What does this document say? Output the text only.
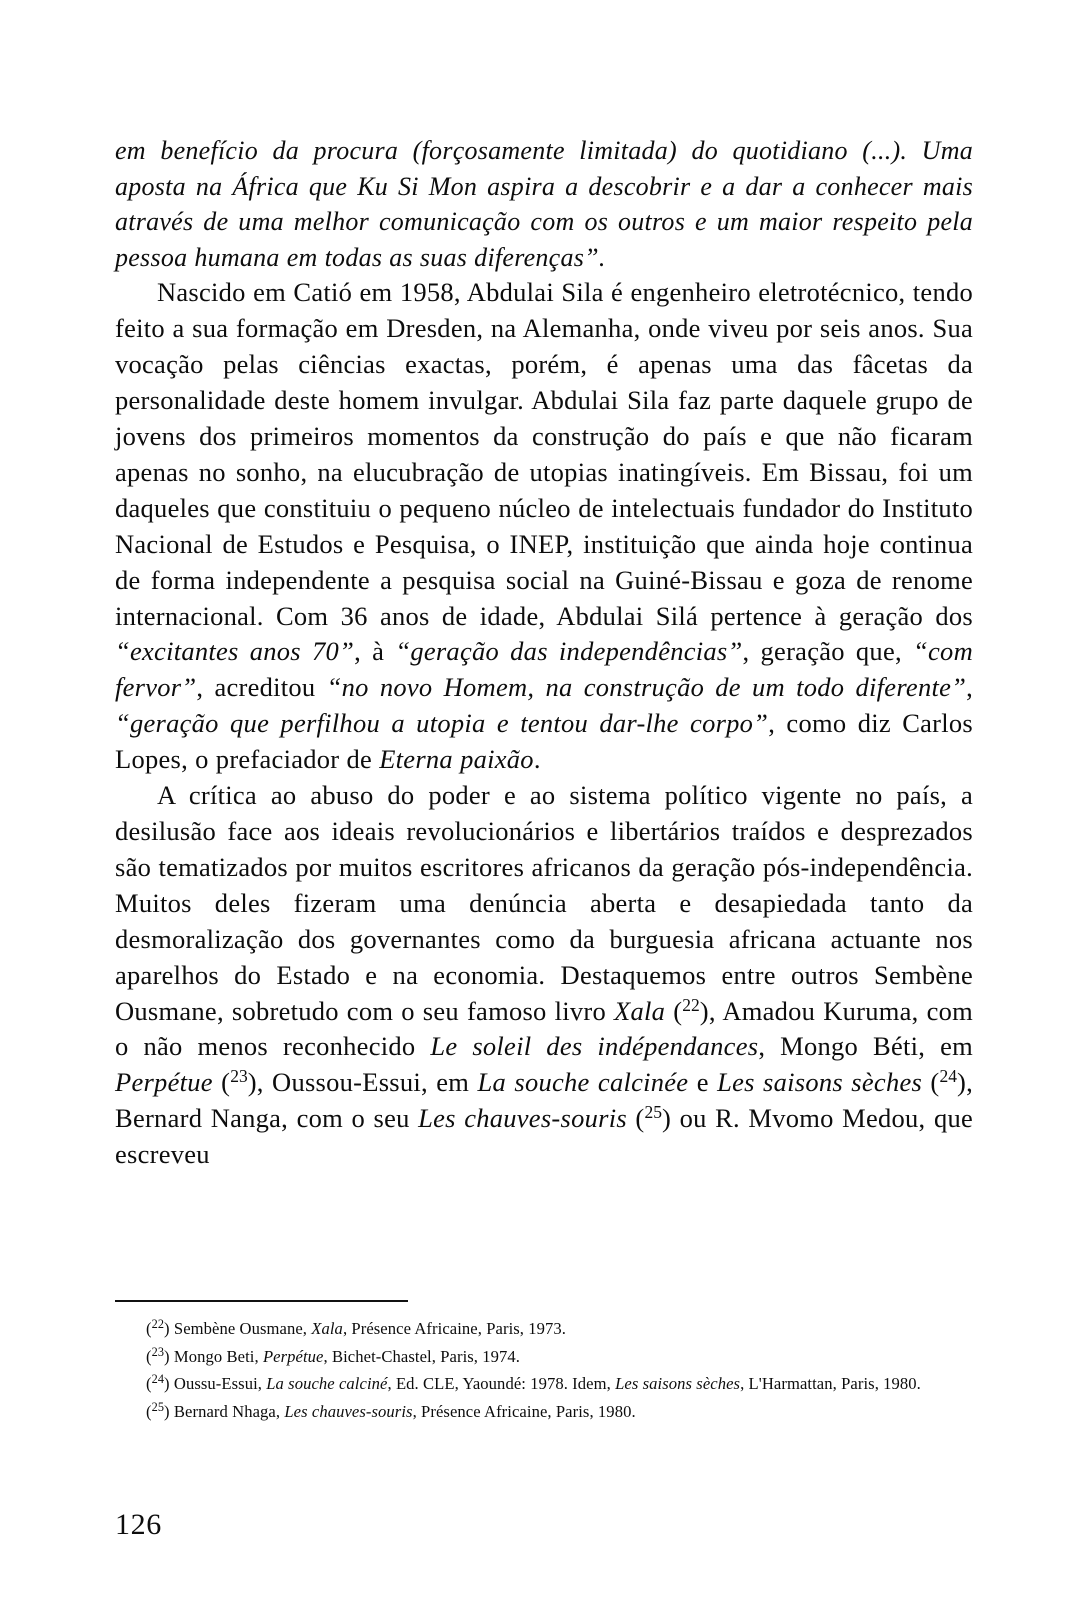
em benefício da procura (forçosamente limitada) do quotidiano (...). Uma aposta na África que Ku Si Mon aspira a descobrir e a dar a conhecer mais através de uma melhor comunicação com os outros e um maior respeito pela pessoa humana em todas as suas diferenças”.

Nascido em Catió em 1958, Abdulai Sila é engenheiro eletrotécnico, tendo feito a sua formação em Dresden, na Alemanha, onde viveu por seis anos. Sua vocação pelas ciências exactas, porém, é apenas uma das fâcetas da personalidade deste homem invulgar. Abdulai Sila faz parte daquele grupo de jovens dos primeiros momentos da construção do país e que não ficaram apenas no sonho, na elucubração de utopias inatingíveis. Em Bissau, foi um daqueles que constituiu o pequeno núcleo de intelectuais fundador do Instituto Nacional de Estudos e Pesquisa, o INEP, instituição que ainda hoje continua de forma independente a pesquisa social na Guiné-Bissau e goza de renome internacional. Com 36 anos de idade, Abdulai Silá pertence à geração dos “excitantes anos 70”, à “geração das independências”, geração que, “com fervor”, acreditou “no novo Homem, na construção de um todo diferente”, “geração que perfilhou a utopia e tentou dar-lhe corpo”, como diz Carlos Lopes, o prefaciador de Eterna paixão.

A crítica ao abuso do poder e ao sistema político vigente no país, a desilusão face aos ideais revolucionários e libertários traídos e desprezados são tematizados por muitos escritores africanos da geração pós-independência. Muitos deles fizeram uma denúncia aberta e desapiedada tanto da desmoralização dos governantes como da burguesia africana actuante nos aparelhos do Estado e na economia. Destaquemos entre outros Sembène Ousmane, sobretudo com o seu famoso livro Xala ($^{22}$), Amadou Kuruma, com o não menos reconhecido Le soleil des indépendances, Mongo Béti, em Perpétue ($^{23}$), Oussou-Essui, em La souche calcinée e Les saisons sèches ($^{24}$), Bernard Nanga, com o seu Les chauves-souris ($^{25}$) ou R. Mvomo Medou, que escreveu

($^{22}$) Sembène Ousmane, Xala, Présence Africaine, Paris, 1973.

($^{23}$) Mongo Beti, Perpétue, Bichet-Chastel, Paris, 1974.

($^{24}$) Oussu-Essui, La souche calciné, Ed. CLE, Yaoundé: 1978. Idem, Les saisons sèches, L'Harmattan, Paris, 1980.

($^{25}$) Bernard Nhaga, Les chauves-souris, Présence Africaine, Paris, 1980.

126
